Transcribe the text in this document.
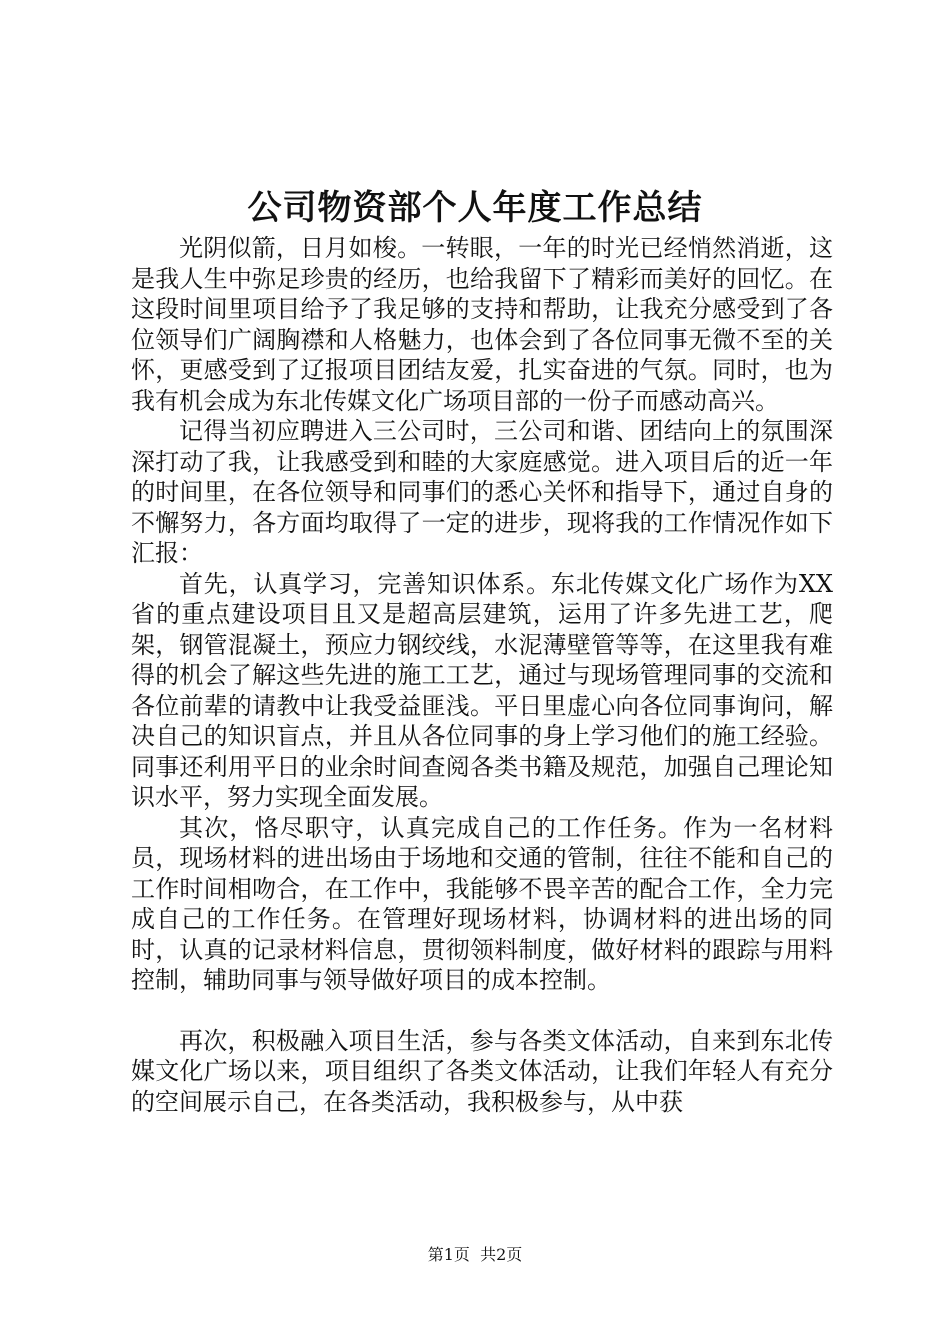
公司物资部个人年度工作总结

光阴似箭，日月如梭。一转眼，一年的时光已经悄然消逝，这是我人生中弥足珍贵的经历，也给我留下了精彩而美好的回忆。在这段时间里项目给予了我足够的支持和帮助，让我充分感受到了各位领导们广阔胸襟和人格魅力，也体会到了各位同事无微不至的关怀，更感受到了辽报项目团结友爱，扎实奋进的气氛。同时，也为我有机会成为东北传媒文化广场项目部的一份子而感动高兴。

记得当初应聘进入三公司时，三公司和谐、团结向上的氛围深深打动了我，让我感受到和睦的大家庭感觉。进入项目后的近一年的时间里，在各位领导和同事们的悉心关怀和指导下，通过自身的不懈努力，各方面均取得了一定的进步，现将我的工作情况作如下汇报：

首先，认真学习，完善知识体系。东北传媒文化广场作为XX省的重点建设项目且又是超高层建筑，运用了许多先进工艺，爬架，钢管混凝土，预应力钢绞线，水泥薄壁管等等，在这里我有难得的机会了解这些先进的施工工艺，通过与现场管理同事的交流和各位前辈的请教中让我受益匪浅。平日里虚心向各位同事询问，解决自己的知识盲点，并且从各位同事的身上学习他们的施工经验。同事还利用平日的业余时间查阅各类书籍及规范，加强自己理论知识水平，努力实现全面发展。

其次，恪尽职守，认真完成自己的工作任务。作为一名材料员，现场材料的进出场由于场地和交通的管制，往往不能和自己的工作时间相吻合，在工作中，我能够不畏辛苦的配合工作，全力完成自己的工作任务。在管理好现场材料，协调材料的进出场的同时，认真的记录材料信息，贯彻领料制度，做好材料的跟踪与用料控制，辅助同事与领导做好项目的成本控制。

再次，积极融入项目生活，参与各类文体活动，自来到东北传媒文化广场以来，项目组织了各类文体活动，让我们年轻人有充分的空间展示自己，在各类活动，我积极参与，从中获

第1页  共2页
